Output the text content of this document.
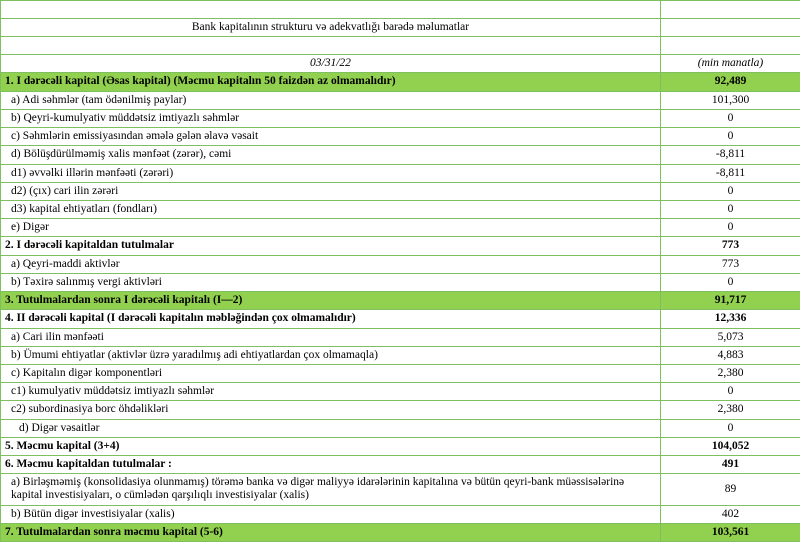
Bank kapitalının strukturu və adekvatlığı barədə məlumatlar	

03/31/22	(min manatla)
1. I dərəcəli kapital (Əsas kapital) (Məcmu kapitalın 50 faizdən az olmamalıdır)	92,489
a) Adi səhmlər (tam ödənilmiş paylar)	101,300
b) Qeyri-kumulyativ müddətsiz imtiyazlı səhmlər	0
c) Səhmlərin emissiyasından əmələ gələn əlavə vəsait	0
d) Bölüşdürülməmiş xalis mənfəət (zərər), cəmi	-8,811
d1) əvvəlki illərin mənfəəti (zərəri)	-8,811
d2) (çıx) cari ilin zərəri	0
d3) kapital ehtiyatları (fondları)	0
e) Digər	0
2. I dərəcəli kapitaldan tutulmalar	773
a) Qeyri-maddi aktivlər	773
b) Təxirə salınmış vergi aktivləri	0
3. Tutulmalardan sonra I dərəcəli kapitalı (I—2)	91,717
4. II dərəcəli kapital (I dərəcəli kapitalın məbləğindən çox olmamalıdır)	12,336
a) Cari ilin mənfəəti	5,073
b) Ümumi ehtiyatlar (aktivlər üzrə yaradılmış adi ehtiyatlardan çox olmamaqla)	4,883
c) Kapitalın digər komponentləri	2,380
c1) kumulyativ müddətsiz imtiyazlı səhmlər	0
c2) subordinasiya borc öhdəlikləri	2,380
d) Digər vəsaitlər	0
5. Məcmu kapital (3+4)	104,052
6. Məcmu kapitaldan tutulmalar :	491
a) Birləşməmiş (konsolidasiya olunmamış) törəmə banka və digər maliyyə idarələrinin kapitalına və bütün qeyri-bank müəssisələrinə kapital investisiyaları, o cümlədən qarşılıqlı investisiyalar (xalis)	89
b) Bütün digər investisiyalar (xalis)	402
7. Tutulmalardan sonra məcmu kapital (5-6)	103,561
